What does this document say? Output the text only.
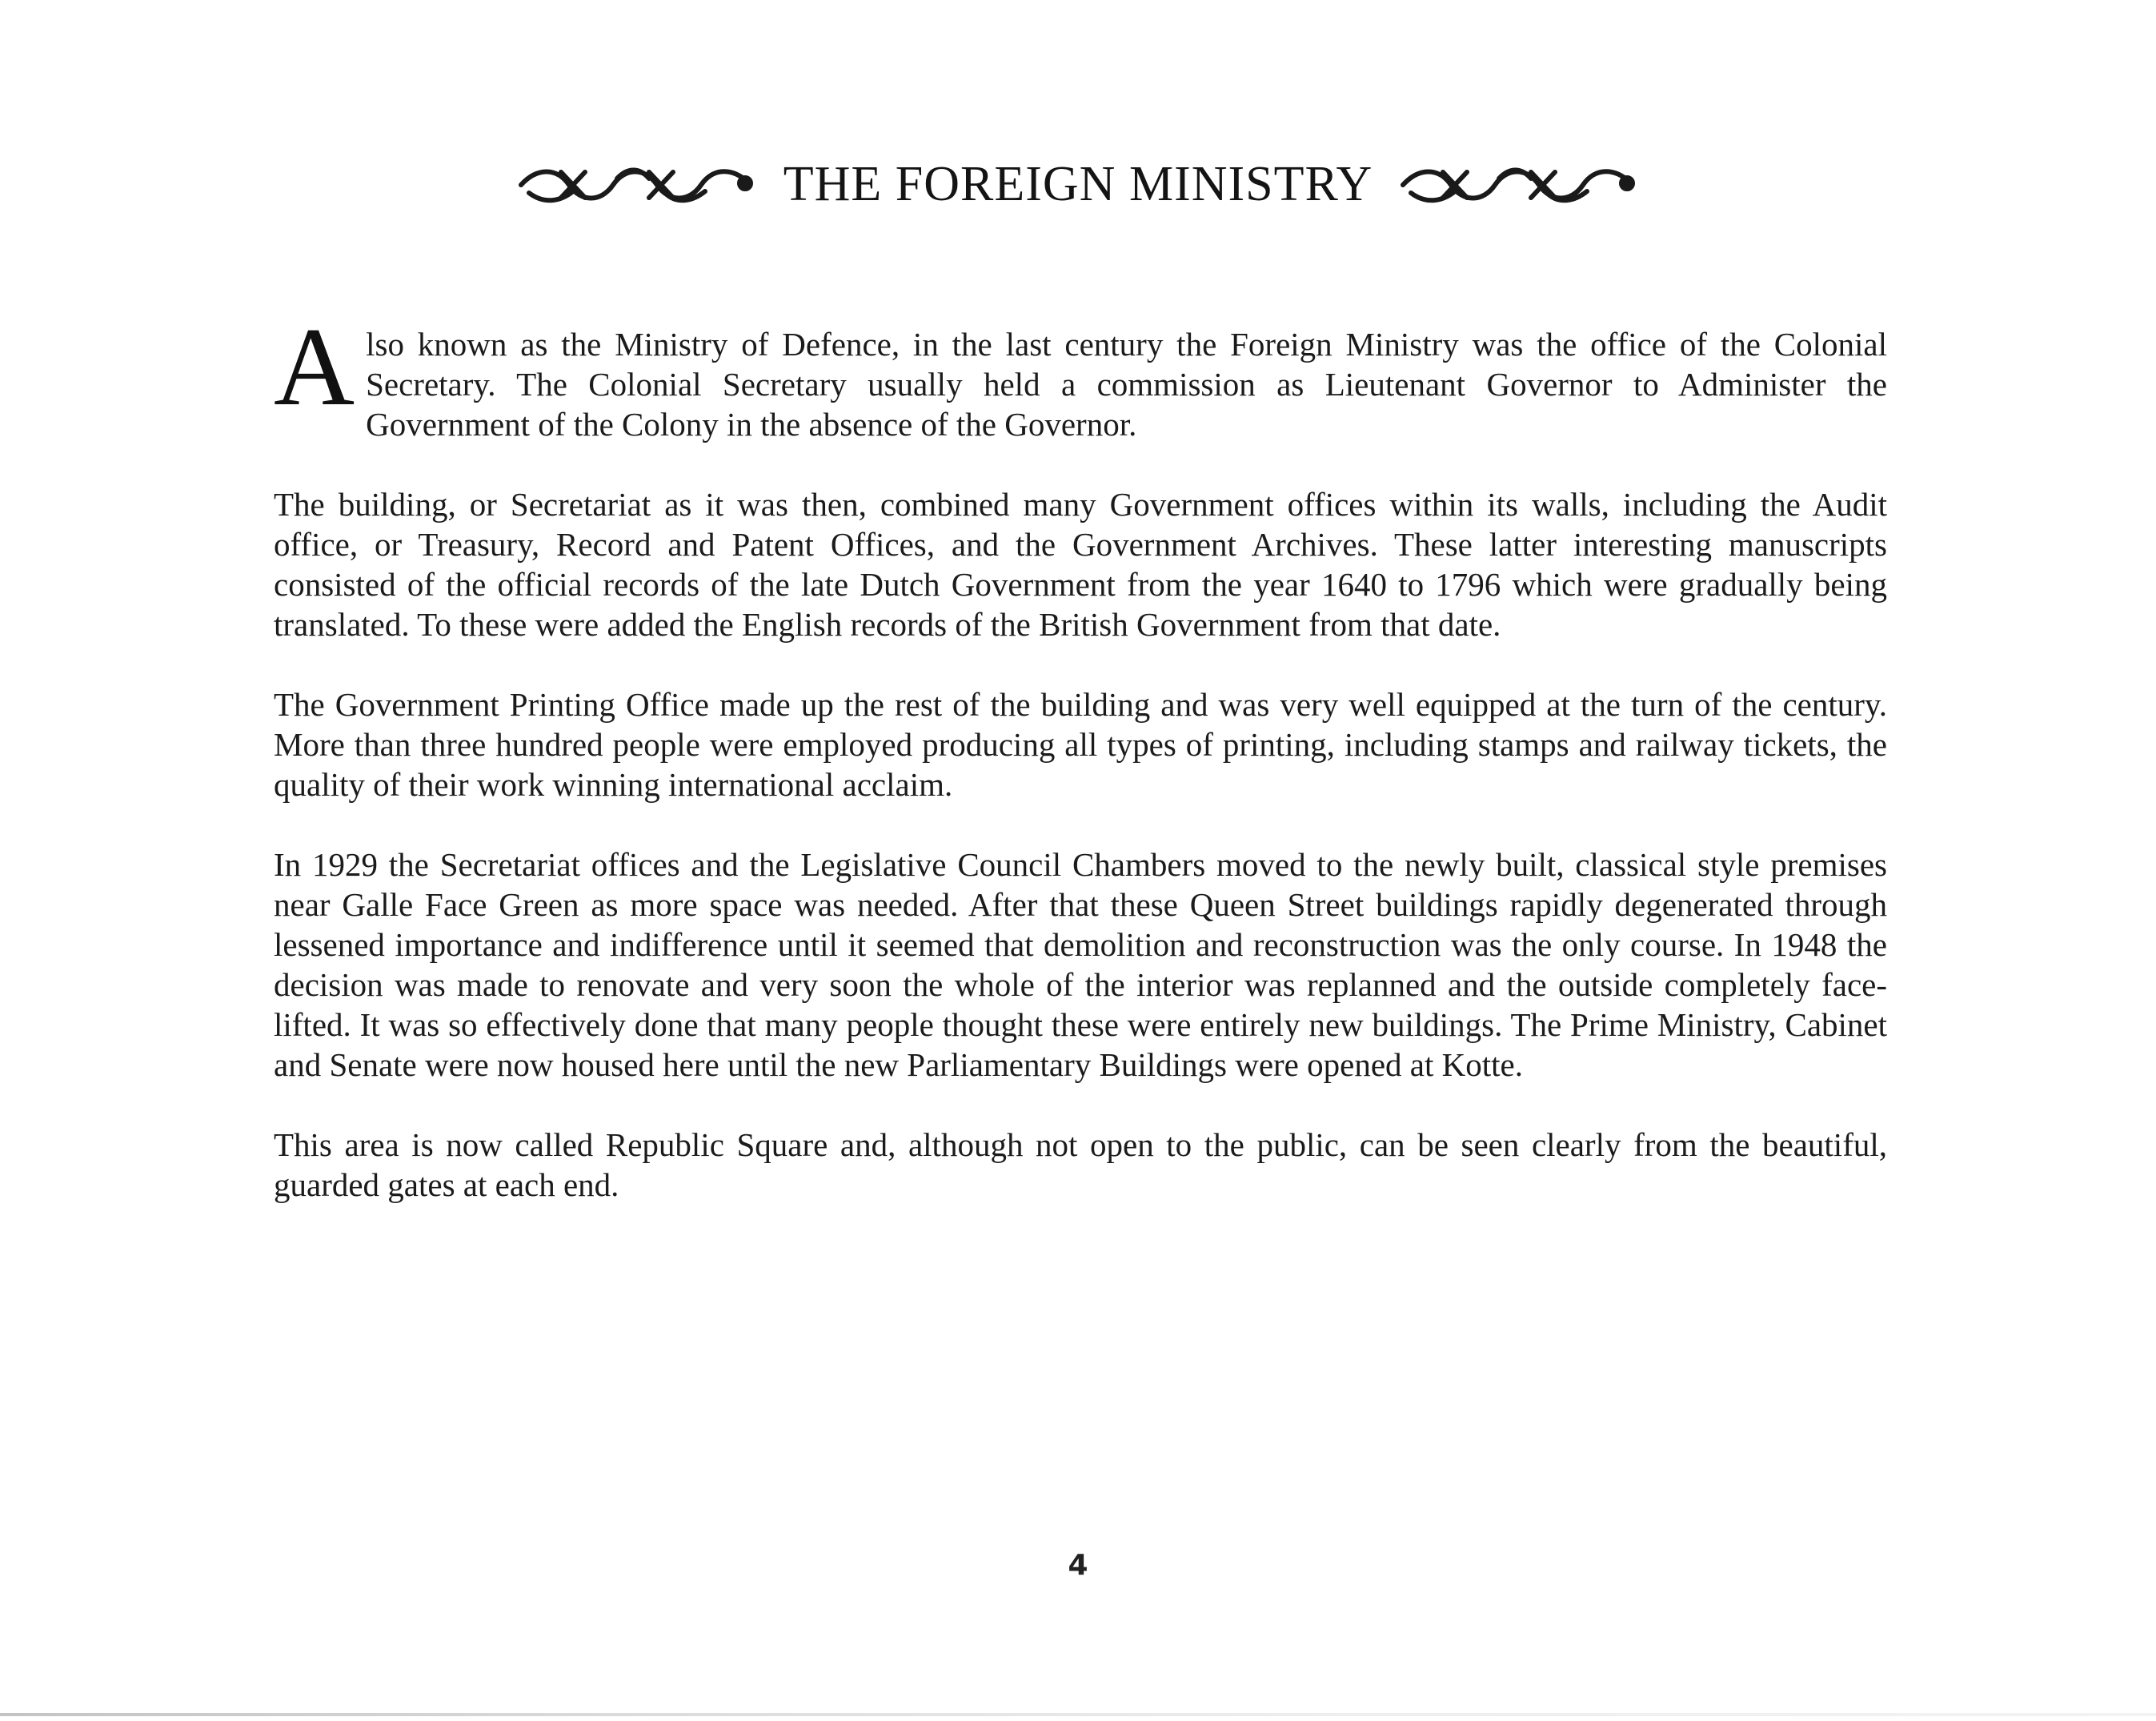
THE FOREIGN MINISTRY

Also known as the Ministry of Defence, in the last century the Foreign Ministry was the office of the Colonial Secretary. The Colonial Secretary usually held a commission as Lieutenant Governor to Administer the Government of the Colony in the absence of the Governor.

The building, or Secretariat as it was then, combined many Government offices within its walls, including the Audit office, or Treasury, Record and Patent Offices, and the Government Archives. These latter interesting manuscripts consisted of the official records of the late Dutch Government from the year 1640 to 1796 which were gradually being translated. To these were added the English records of the British Government from that date.

The Government Printing Office made up the rest of the building and was very well equipped at the turn of the century. More than three hundred people were employed producing all types of printing, including stamps and railway tickets, the quality of their work winning international acclaim.

In 1929 the Secretariat offices and the Legislative Council Chambers moved to the newly built, classical style premises near Galle Face Green as more space was needed. After that these Queen Street buildings rapidly degenerated through lessened importance and indifference until it seemed that demolition and reconstruction was the only course. In 1948 the decision was made to renovate and very soon the whole of the interior was replanned and the outside completely face-lifted. It was so effectively done that many people thought these were entirely new buildings. The Prime Ministry, Cabinet and Senate were now housed here until the new Parliamentary Buildings were opened at Kotte.

This area is now called Republic Square and, although not open to the public, can be seen clearly from the beautiful, guarded gates at each end.

4
